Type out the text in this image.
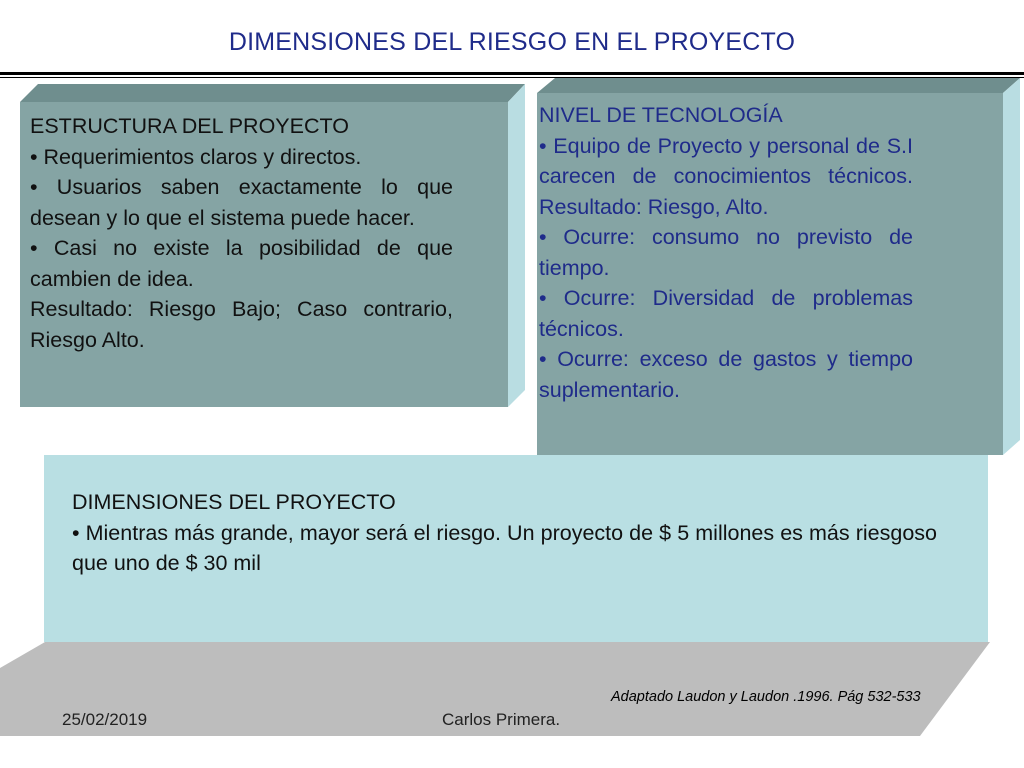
DIMENSIONES DEL RIESGO EN EL PROYECTO

ESTRUCTURA DEL PROYECTO

• Requerimientos claros y directos.

• Usuarios saben exactamente lo que desean y lo que el sistema puede hacer.

• Casi no existe la posibilidad de que cambien de idea.

Resultado: Riesgo Bajo; Caso contrario, Riesgo Alto.

NIVEL DE TECNOLOGÍA

• Equipo de Proyecto y personal de S.I carecen de conocimientos técnicos. Resultado: Riesgo, Alto.

• Ocurre: consumo no previsto de tiempo.

• Ocurre: Diversidad de problemas técnicos.

• Ocurre: exceso de gastos y tiempo suplementario.

DIMENSIONES DEL PROYECTO

• Mientras más grande, mayor será el riesgo. Un proyecto de $ 5 millones es más riesgoso que uno de $ 30 mil

Adaptado Laudon y Laudon .1996. Pág 532-533
25/02/2019	Carlos Primera.
